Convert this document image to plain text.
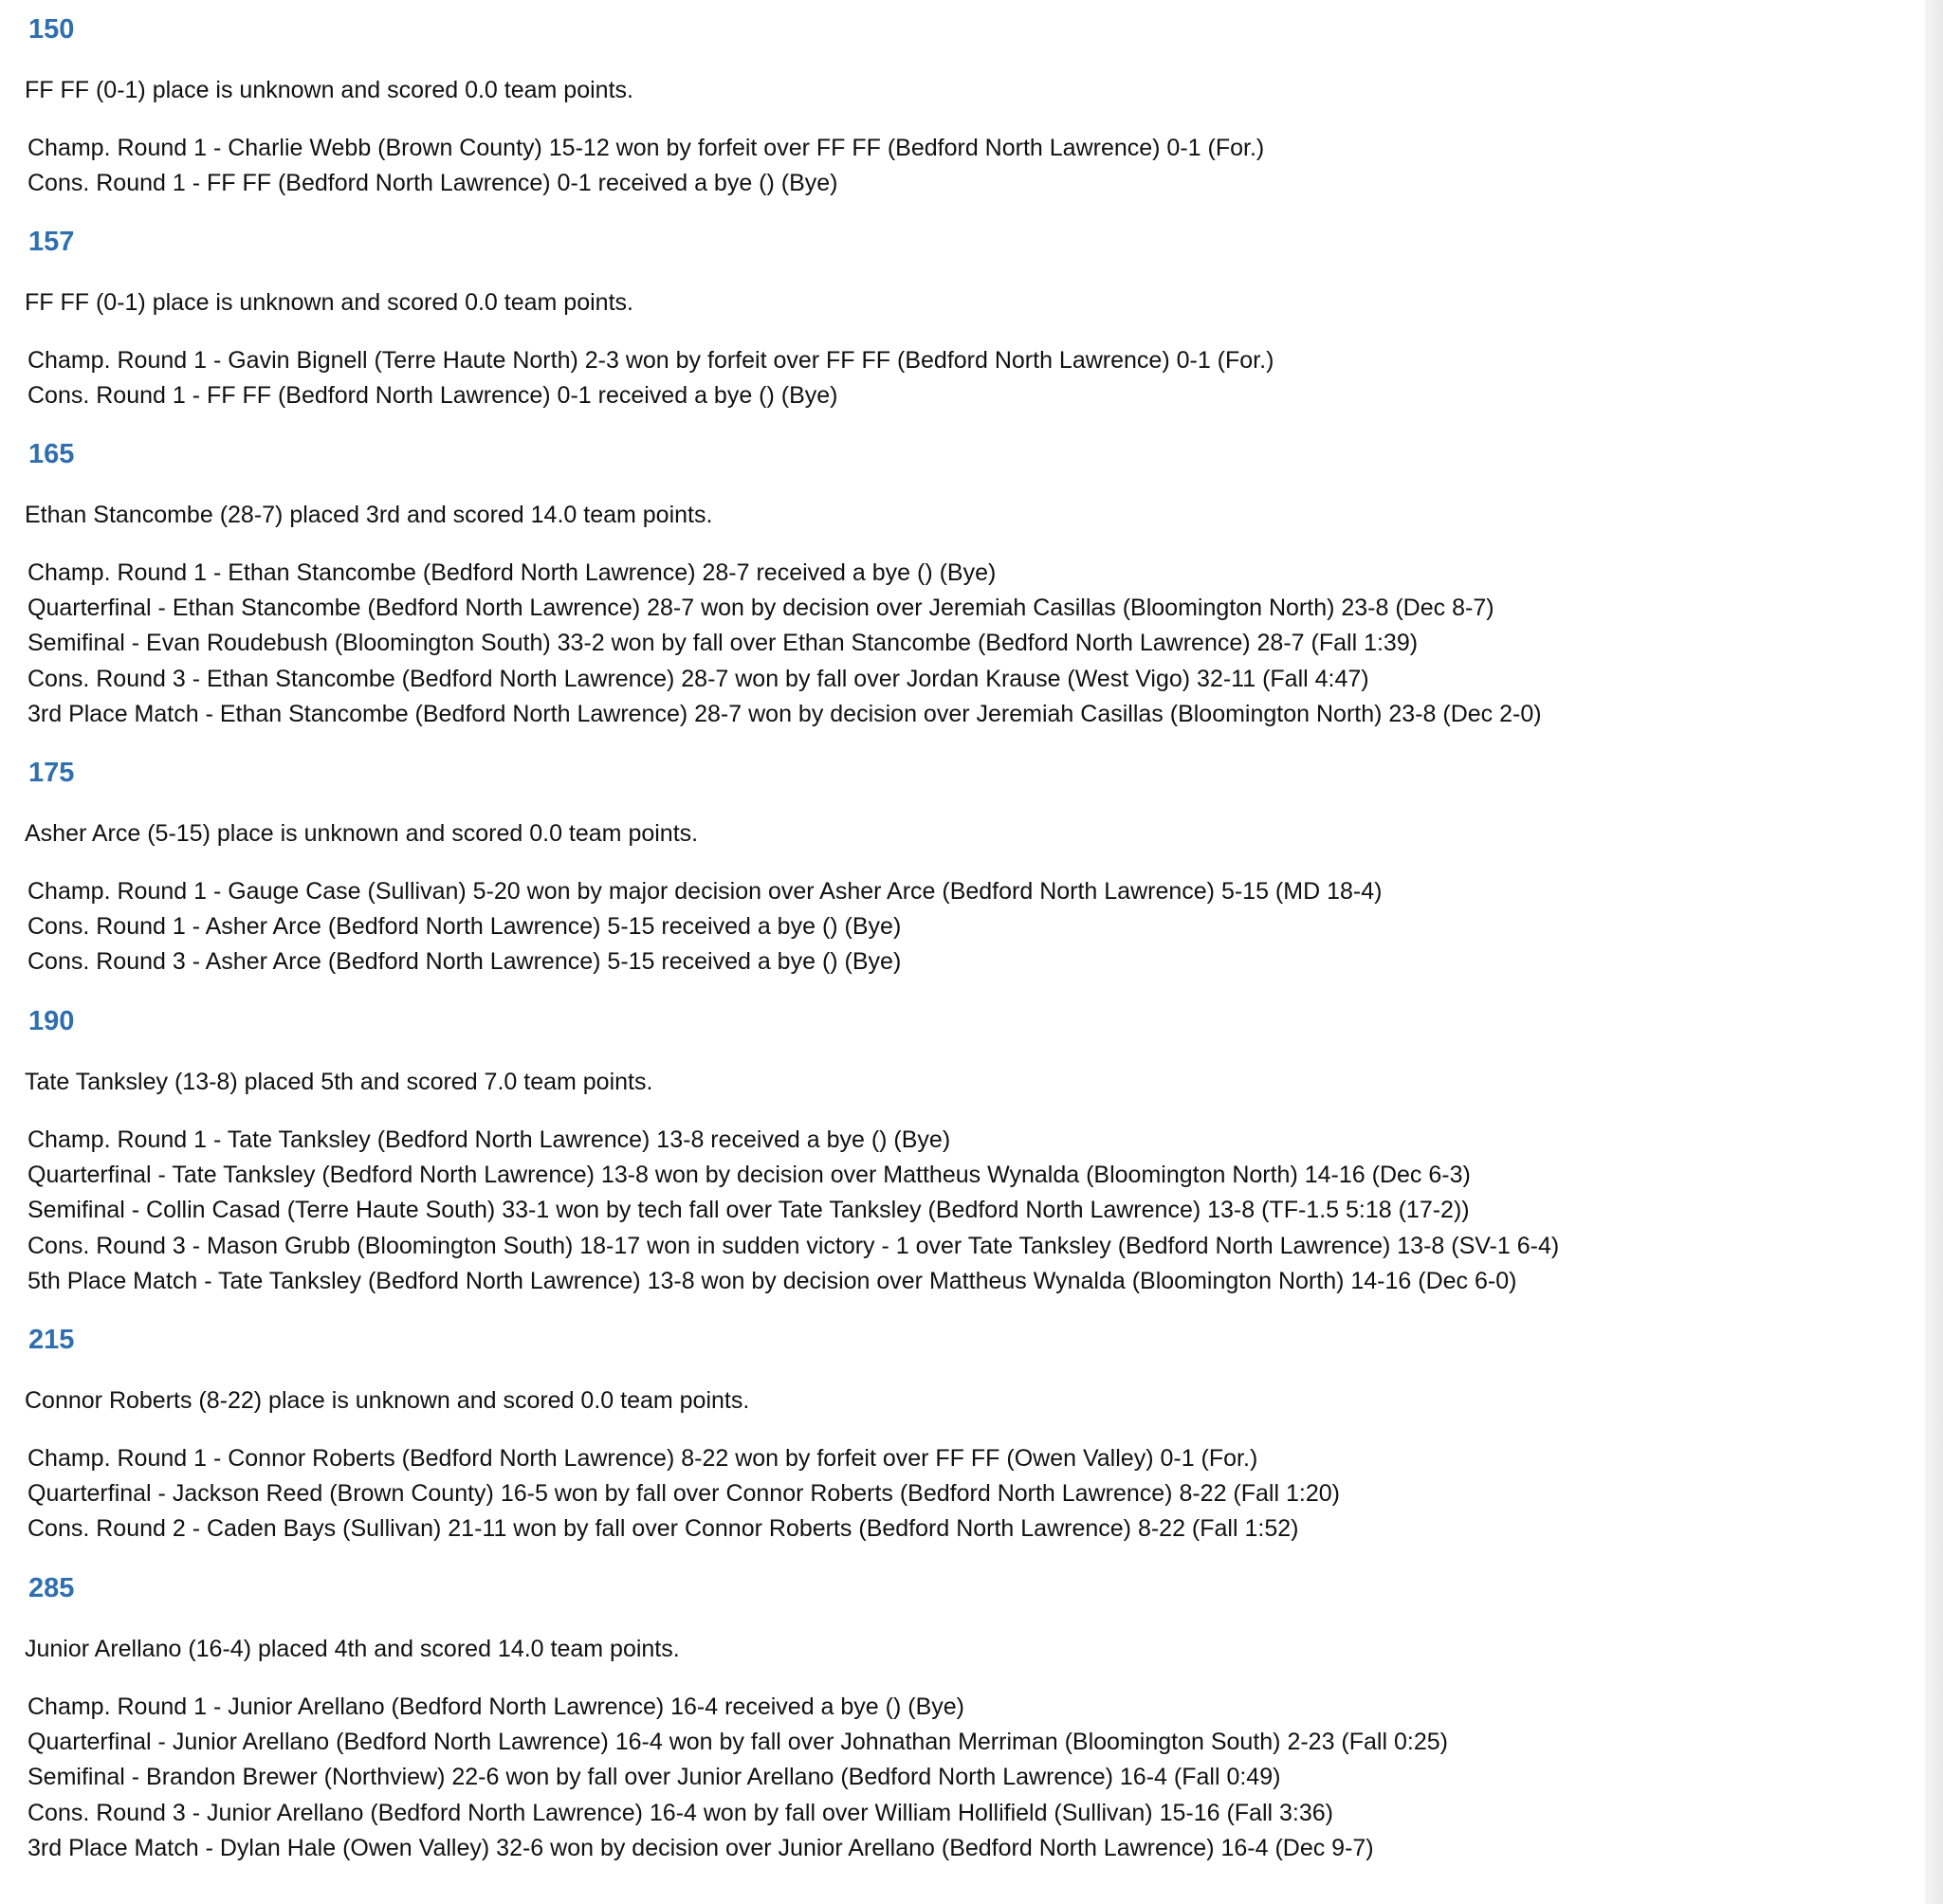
150

FF FF (0-1) place is unknown and scored 0.0 team points.

Champ. Round 1 - Charlie Webb (Brown County) 15-12 won by forfeit over FF FF (Bedford North Lawrence) 0-1 (For.)

Cons. Round 1 - FF FF (Bedford North Lawrence) 0-1 received a bye () (Bye)

157

FF FF (0-1) place is unknown and scored 0.0 team points.

Champ. Round 1 - Gavin Bignell (Terre Haute North) 2-3 won by forfeit over FF FF (Bedford North Lawrence) 0-1 (For.)

Cons. Round 1 - FF FF (Bedford North Lawrence) 0-1 received a bye () (Bye)

165

Ethan Stancombe (28-7) placed 3rd and scored 14.0 team points.

Champ. Round 1 - Ethan Stancombe (Bedford North Lawrence) 28-7 received a bye () (Bye)

Quarterfinal - Ethan Stancombe (Bedford North Lawrence) 28-7 won by decision over Jeremiah Casillas (Bloomington North) 23-8 (Dec 8-7)

Semifinal - Evan Roudebush (Bloomington South) 33-2 won by fall over Ethan Stancombe (Bedford North Lawrence) 28-7 (Fall 1:39)

Cons. Round 3 - Ethan Stancombe (Bedford North Lawrence) 28-7 won by fall over Jordan Krause (West Vigo) 32-11 (Fall 4:47)

3rd Place Match - Ethan Stancombe (Bedford North Lawrence) 28-7 won by decision over Jeremiah Casillas (Bloomington North) 23-8 (Dec 2-0)

175

Asher Arce (5-15) place is unknown and scored 0.0 team points.

Champ. Round 1 - Gauge Case (Sullivan) 5-20 won by major decision over Asher Arce (Bedford North Lawrence) 5-15 (MD 18-4)

Cons. Round 1 - Asher Arce (Bedford North Lawrence) 5-15 received a bye () (Bye)

Cons. Round 3 - Asher Arce (Bedford North Lawrence) 5-15 received a bye () (Bye)

190

Tate Tanksley (13-8) placed 5th and scored 7.0 team points.

Champ. Round 1 - Tate Tanksley (Bedford North Lawrence) 13-8 received a bye () (Bye)

Quarterfinal - Tate Tanksley (Bedford North Lawrence) 13-8 won by decision over Mattheus Wynalda (Bloomington North) 14-16 (Dec 6-3)

Semifinal - Collin Casad (Terre Haute South) 33-1 won by tech fall over Tate Tanksley (Bedford North Lawrence) 13-8 (TF-1.5 5:18 (17-2))

Cons. Round 3 - Mason Grubb (Bloomington South) 18-17 won in sudden victory - 1 over Tate Tanksley (Bedford North Lawrence) 13-8 (SV-1 6-4)

5th Place Match - Tate Tanksley (Bedford North Lawrence) 13-8 won by decision over Mattheus Wynalda (Bloomington North) 14-16 (Dec 6-0)

215

Connor Roberts (8-22) place is unknown and scored 0.0 team points.

Champ. Round 1 - Connor Roberts (Bedford North Lawrence) 8-22 won by forfeit over FF FF (Owen Valley) 0-1 (For.)

Quarterfinal - Jackson Reed (Brown County) 16-5 won by fall over Connor Roberts (Bedford North Lawrence) 8-22 (Fall 1:20)

Cons. Round 2 - Caden Bays (Sullivan) 21-11 won by fall over Connor Roberts (Bedford North Lawrence) 8-22 (Fall 1:52)

285

Junior Arellano (16-4) placed 4th and scored 14.0 team points.

Champ. Round 1 - Junior Arellano (Bedford North Lawrence) 16-4 received a bye () (Bye)

Quarterfinal - Junior Arellano (Bedford North Lawrence) 16-4 won by fall over Johnathan Merriman (Bloomington South) 2-23 (Fall 0:25)

Semifinal - Brandon Brewer (Northview) 22-6 won by fall over Junior Arellano (Bedford North Lawrence) 16-4 (Fall 0:49)

Cons. Round 3 - Junior Arellano (Bedford North Lawrence) 16-4 won by fall over William Hollifield (Sullivan) 15-16 (Fall 3:36)

3rd Place Match - Dylan Hale (Owen Valley) 32-6 won by decision over Junior Arellano (Bedford North Lawrence) 16-4 (Dec 9-7)
